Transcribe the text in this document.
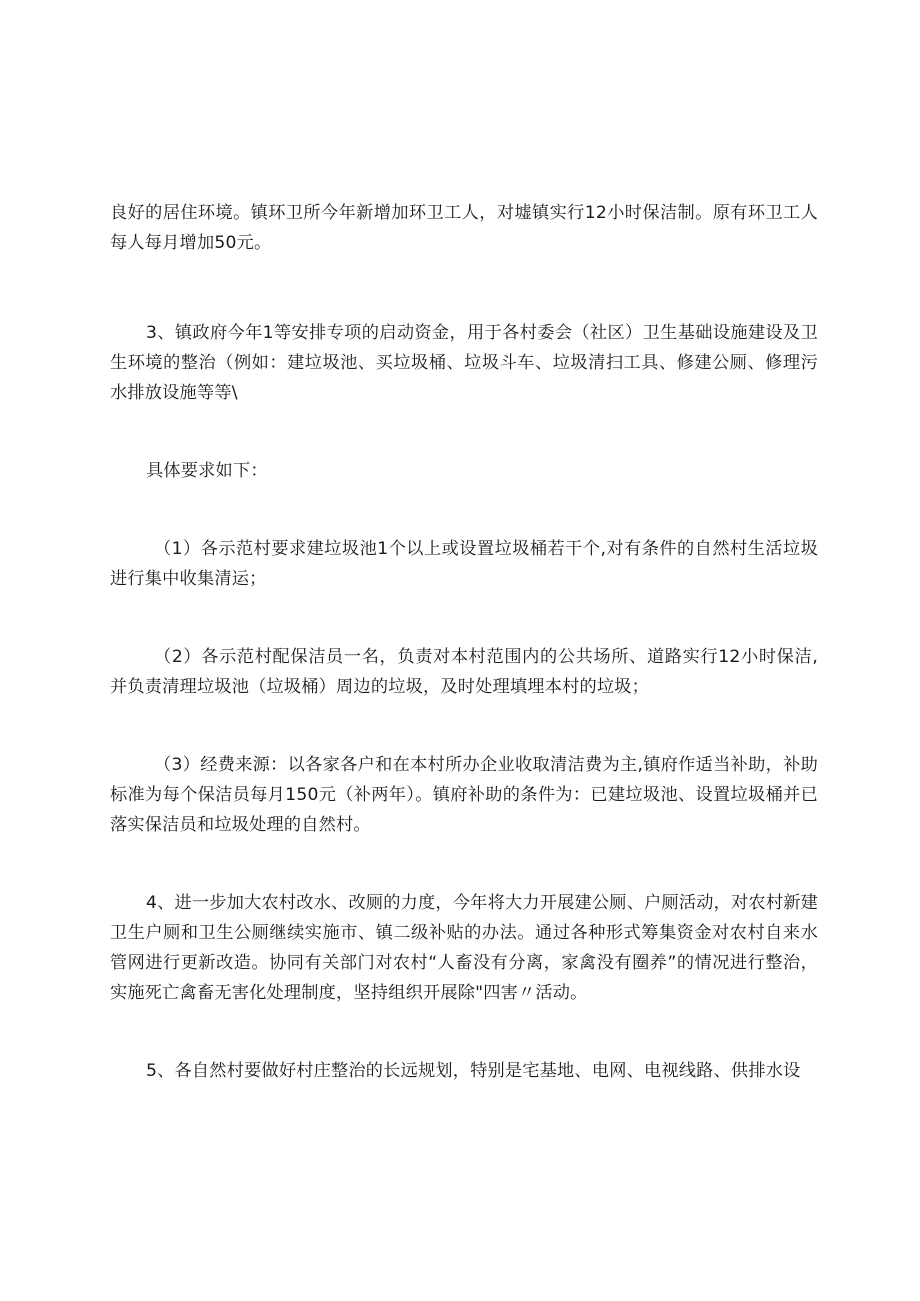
良好的居住环境。镇环卫所今年新增加环卫工人，对墟镇实行12小时保洁制。原有环卫工人每人每月增加50元。

3、镇政府今年1等安排专项的启动资金，用于各村委会（社区）卫生基础设施建设及卫生环境的整治（例如：建垃圾池、买垃圾桶、垃圾斗车、垃圾清扫工具、修建公厕、修理污水排放设施等等\

具体要求如下：

（1）各示范村要求建垃圾池1个以上或设置垃圾桶若干个,对有条件的自然村生活垃圾进行集中收集清运；

（2）各示范村配保洁员一名，负责对本村范围内的公共场所、道路实行12小时保洁,并负责清理垃圾池（垃圾桶）周边的垃圾，及时处理填埋本村的垃圾；

（3）经费来源：以各家各户和在本村所办企业收取清洁费为主,镇府作适当补助，补助标准为每个保洁员每月150元（补两年）。镇府补助的条件为：已建垃圾池、设置垃圾桶并已落实保洁员和垃圾处理的自然村。

4、进一步加大农村改水、改厕的力度，今年将大力开展建公厕、户厕活动，对农村新建卫生户厕和卫生公厕继续实施市、镇二级补贴的办法。通过各种形式筹集资金对农村自来水管网进行更新改造。协同有关部门对农村“人畜没有分离，家禽没有圈养”的情况进行整治，实施死亡禽畜无害化处理制度，坚持组织开展除"四害〃活动。

5、各自然村要做好村庄整治的长远规划，特别是宅基地、电网、电视线路、供排水设
